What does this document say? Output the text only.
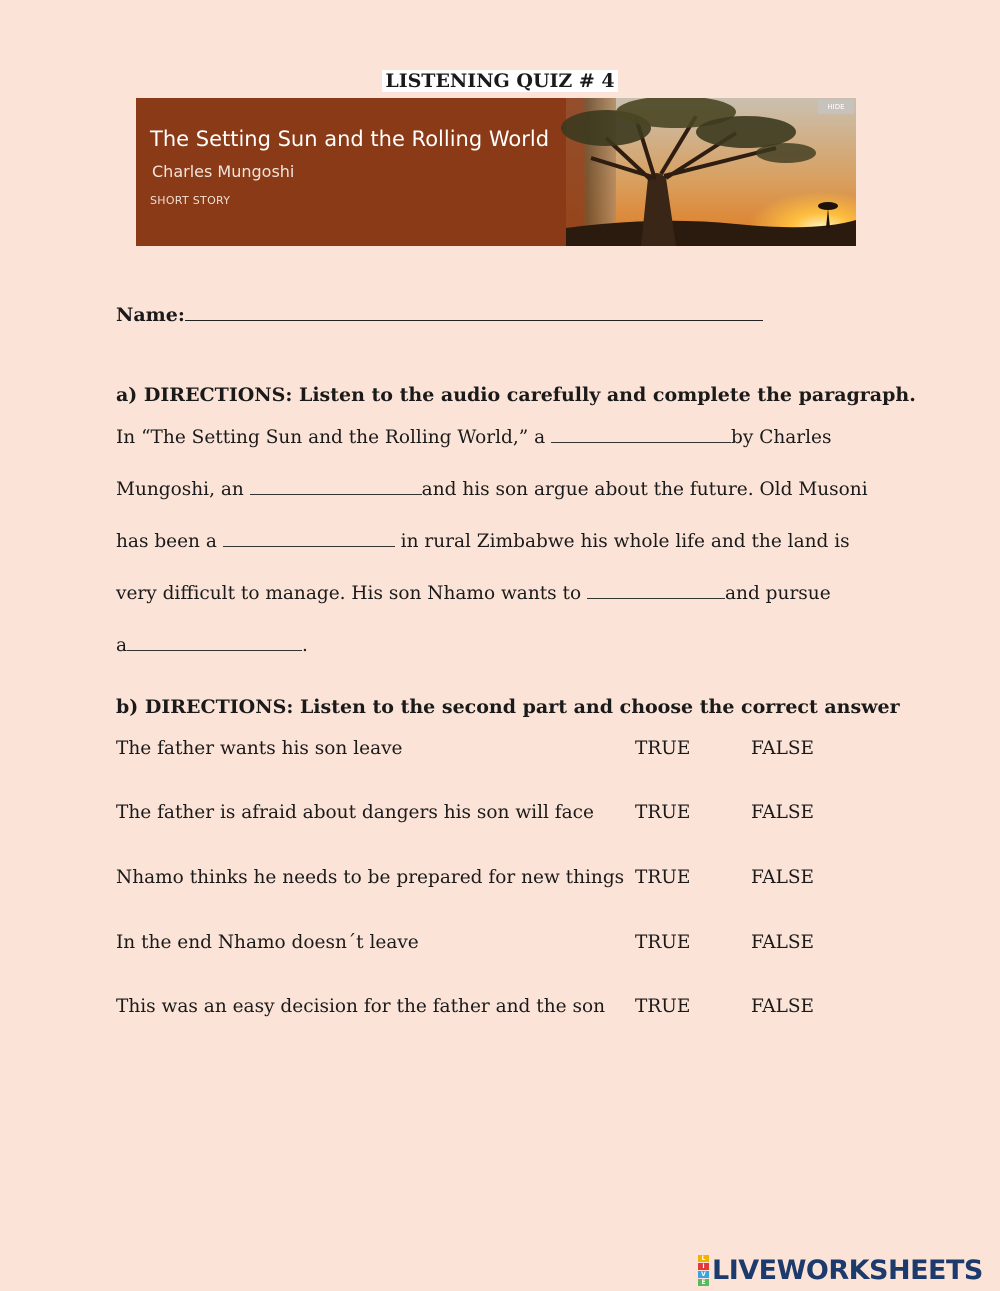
LISTENING QUIZ # 4
HIDE
The Setting Sun and the Rolling World
Charles Mungoshi
SHORT STORY
Name:
a) DIRECTIONS: Listen to the audio carefully and complete the paragraph.
In “The Setting Sun and the Rolling World,” a	by Charles
Mungoshi, an	and his son argue about the future. Old Musoni
has been a	in rural Zimbabwe his whole life and the land is
very difficult to manage. His son Nhamo wants to	and pursue
a	.
b) DIRECTIONS: Listen to the second part and choose the correct answer
The father wants his son leave	TRUE	FALSE
The father is afraid about dangers his son will face TRUE	FALSE
Nhamo thinks he needs to be prepared for new things TRUE	FALSE
In the end Nhamo doesn´t leave	TRUE	FALSE
This was an easy decision for the father and the son TRUE	FALSE
L
I
V
E LIVEWORKSHEETS
